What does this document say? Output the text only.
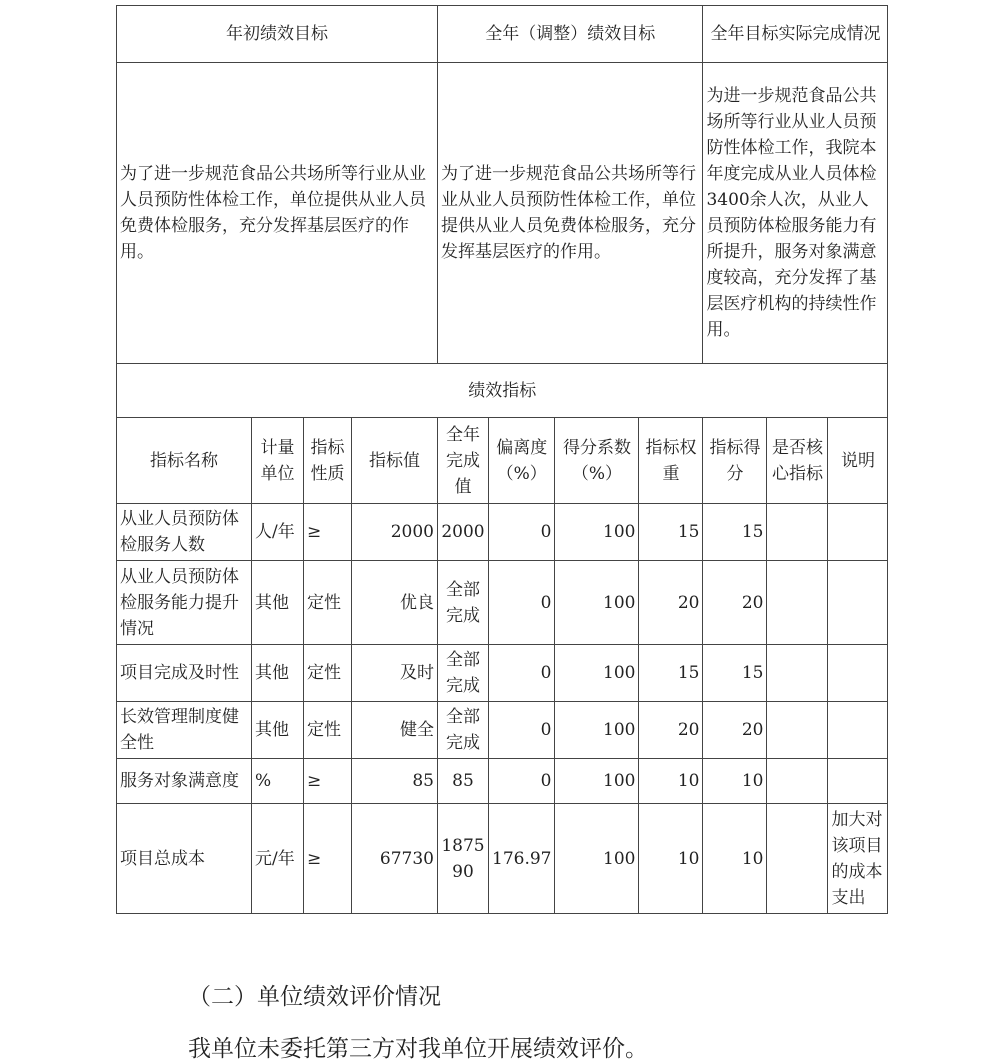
年初绩效目标				全年（调整）绩效目标				全年目标实际完成情况		
为了进一步规范食品公共场所等行业从业人员预防性体检工作，单位提供从业人员免费体检服务，充分发挥基层医疗的作用。				为了进一步规范食品公共场所等行业从业人员预防性体检工作，单位提供从业人员免费体检服务，充分发挥基层医疗的作用。				为进一步规范食品公共场所等行业从业人员预防性体检工作，我院本年度完成从业人员体检3400余人次，从业人员预防体检服务能力有所提升，服务对象满意度较高，充分发挥了基层医疗机构的持续性作用。		
绩效指标										
指标名称	计量单位	指标性质	指标值	全年完成值	偏离度（%）	得分系数（%）	指标权重	指标得分	是否核心指标	说明
从业人员预防体检服务人数	人/年	≥	2000	2000	0	100	15	15		
从业人员预防体检服务能力提升情况	其他	定性	优良	全部完成	0	100	20	20		
项目完成及时性	其他	定性	及时	全部完成	0	100	15	15		
长效管理制度健全性	其他	定性	健全	全部完成	0	100	20	20		
服务对象满意度	%	≥	85	85	0	100	10	10		
项目总成本	元/年	≥	67730	187590	176.97	100	10	10		加大对该项目的成本支出
（二）单位绩效评价情况
我单位未委托第三方对我单位开展绩效评价。
